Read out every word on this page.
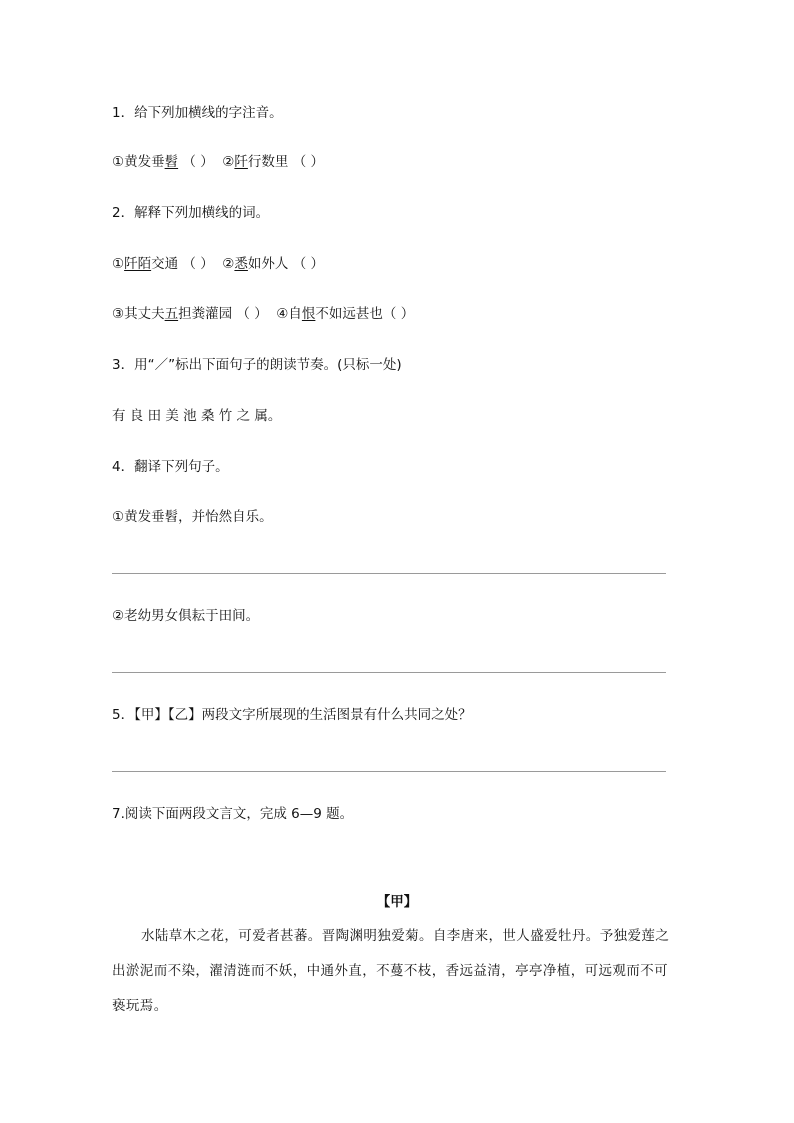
1．给下列加横线的字注音。
①黄发垂髫 （ ） ②阡行数里 （ ）
2．解释下列加横线的词。
①阡陌交通 （ ） ②悉如外人 （ ）
③其丈夫五担粪灌园 （ ） ④自恨不如远甚也（ ）
3．用“／”标出下面句子的朗读节奏。(只标一处)
有 良 田 美 池 桑 竹 之 属。
4．翻译下列句子。
①黄发垂髫，并怡然自乐。
②老幼男女俱耘于田间。
5．【甲】【乙】两段文字所展现的生活图景有什么共同之处？
7.阅读下面两段文言文，完成 6—9 题。
【甲】
水陆草木之花，可爱者甚蕃。晋陶渊明独爱菊。自李唐来，世人盛爱牡丹。予独爱莲之出淤泥而不染，濯清涟而不妖，中通外直，不蔓不枝，香远益清，亭亭净植，可远观而不可亵玩焉。
